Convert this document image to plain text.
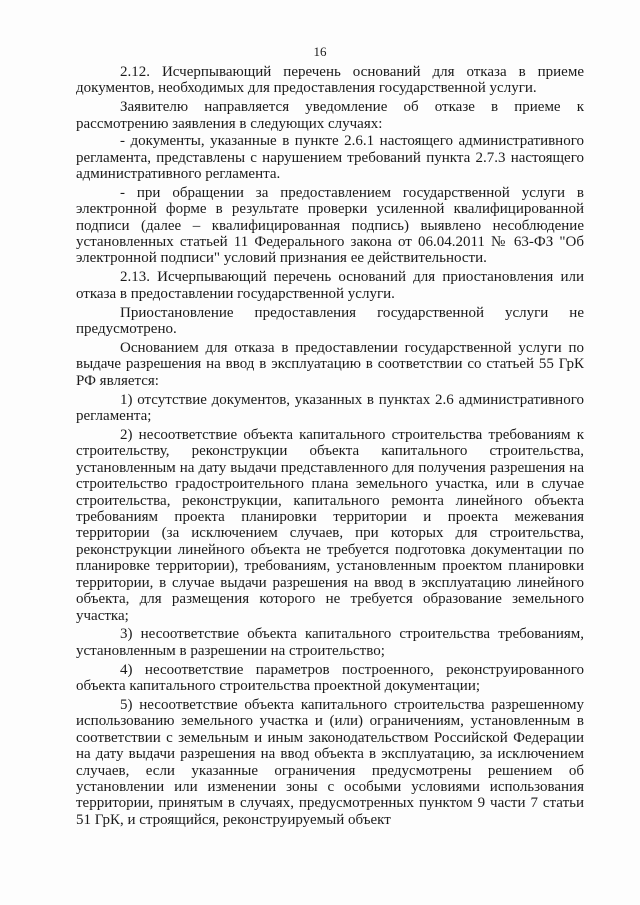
16

2.12. Исчерпывающий перечень оснований для отказа в приеме документов, необходимых для предоставления государственной услуги.

Заявителю направляется уведомление об отказе в приеме к рассмотрению заявления в следующих случаях:

- документы, указанные в пункте 2.6.1 настоящего административного регламента, представлены с нарушением требований пункта 2.7.3 настоящего административного регламента.

- при обращении за предоставлением государственной услуги в электронной форме в результате проверки усиленной квалифицированной подписи (далее – квалифицированная подпись) выявлено несоблюдение установленных статьей 11 Федерального закона от 06.04.2011 № 63-ФЗ "Об электронной подписи" условий признания ее действительности.

2.13. Исчерпывающий перечень оснований для приостановления или отказа в предоставлении государственной услуги.

Приостановление предоставления государственной услуги не предусмотрено.

Основанием для отказа в предоставлении государственной услуги по выдаче разрешения на ввод в эксплуатацию в соответствии со статьей 55 ГрК РФ является:

1) отсутствие документов, указанных в пунктах 2.6 административного регламента;

2) несоответствие объекта капитального строительства требованиям к строительству, реконструкции объекта капитального строительства, установленным на дату выдачи представленного для получения разрешения на строительство градостроительного плана земельного участка, или в случае строительства, реконструкции, капитального ремонта линейного объекта требованиям проекта планировки территории и проекта межевания территории (за исключением случаев, при которых для строительства, реконструкции линейного объекта не требуется подготовка документации по планировке территории), требованиям, установленным проектом планировки территории, в случае выдачи разрешения на ввод в эксплуатацию линейного объекта, для размещения которого не требуется образование земельного участка;

3) несоответствие объекта капитального строительства требованиям, установленным в разрешении на строительство;

4) несоответствие параметров построенного, реконструированного объекта капитального строительства проектной документации;

5) несоответствие объекта капитального строительства разрешенному использованию земельного участка и (или) ограничениям, установленным в соответствии с земельным и иным законодательством Российской Федерации на дату выдачи разрешения на ввод объекта в эксплуатацию, за исключением случаев, если указанные ограничения предусмотрены решением об установлении или изменении зоны с особыми условиями использования территории, принятым в случаях, предусмотренных пунктом 9 части 7 статьи 51 ГрК, и строящийся, реконструируемый объект
